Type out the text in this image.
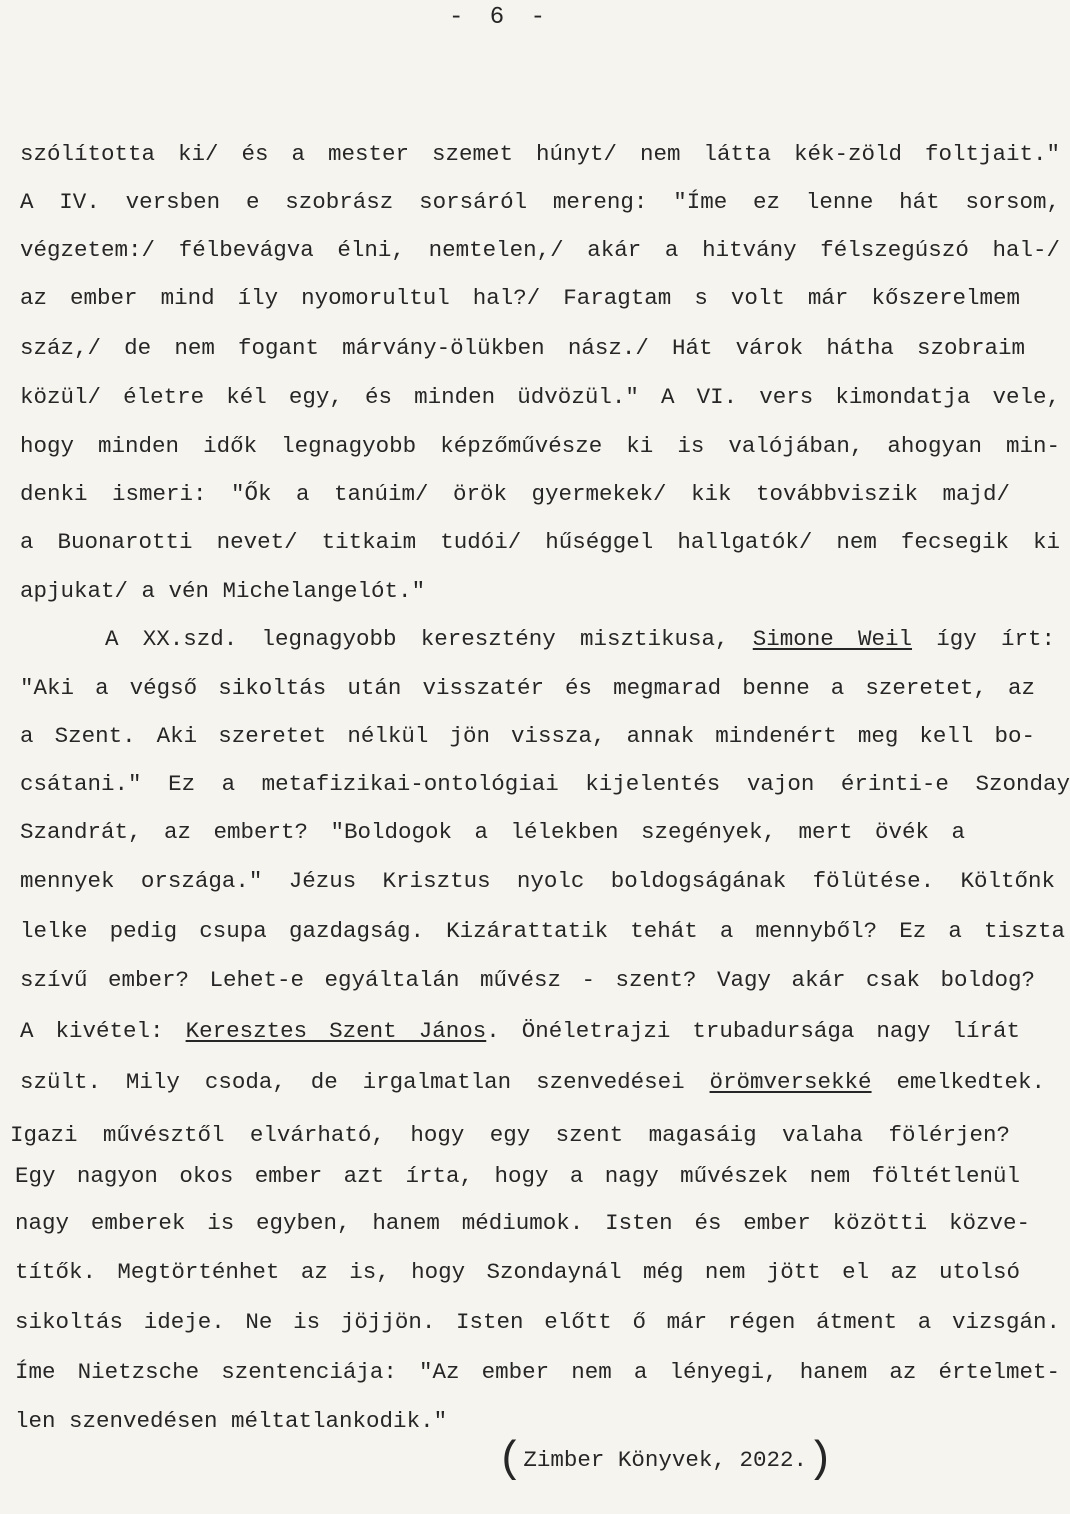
- 6 -
szólította ki/ és a mester szemet húnyt/ nem látta kék-zöld foltjait."
A IV. versben e szobrász sorsáról mereng: "Íme ez lenne hát sorsom,
végzetem:/ félbevágva élni, nemtelen,/ akár a hitvány félszegúszó hal-/
az ember mind íly nyomorultul hal?/ Faragtam s volt már kőszerelmem
száz,/ de nem fogant márvány-ölükben nász./ Hát várok hátha szobraim
közül/ életre kél egy, és minden üdvözül." A VI. vers kimondatja vele,
hogy minden idők legnagyobb képzőművésze ki is valójában, ahogyan min-
denki ismeri: "Ők a tanúim/ örök gyermekek/ kik továbbviszik majd/
a Buonarotti nevet/ titkaim tudói/ hűséggel hallgatók/ nem fecsegik ki
apjukat/ a vén Michelangelót."
A XX.szd. legnagyobb keresztény misztikusa, Simone Weil így írt:
"Aki a végső sikoltás után visszatér és megmarad benne a szeretet, az
a Szent. Aki szeretet nélkül jön vissza, annak mindenért meg kell bo-
csátani." Ez a metafizikai-ontológiai kijelentés vajon érinti-e Szonday
Szandrát, az embert? "Boldogok a lélekben szegények, mert övék a
mennyek országa." Jézus Krisztus nyolc boldogságának fölütése. Költőnk
lelke pedig csupa gazdagság. Kizárattatik tehát a mennyből? Ez a tiszta
szívű ember? Lehet-e egyáltalán művész - szent? Vagy akár csak boldog?
A kivétel: Keresztes Szent János. Önéletrajzi trubadursága nagy lírát
szült. Mily csoda, de irgalmatlan szenvedései örömversekké emelkedtek.
Igazi művésztől elvárható, hogy egy szent magasáig valaha fölérjen?
Egy nagyon okos ember azt írta, hogy a nagy művészek nem föltétlenül
nagy emberek is egyben, hanem médiumok. Isten és ember közötti közve-
títők. Megtörténhet az is, hogy Szondaynál még nem jött el az utolsó
sikoltás ideje. Ne is jöjjön. Isten előtt ő már régen átment a vizsgán.
Íme Nietzsche szentenciája: "Az ember nem a lényegi, hanem az értelmet-
len szenvedésen méltatlankodik."
(Zimber Könyvek, 2022.)
